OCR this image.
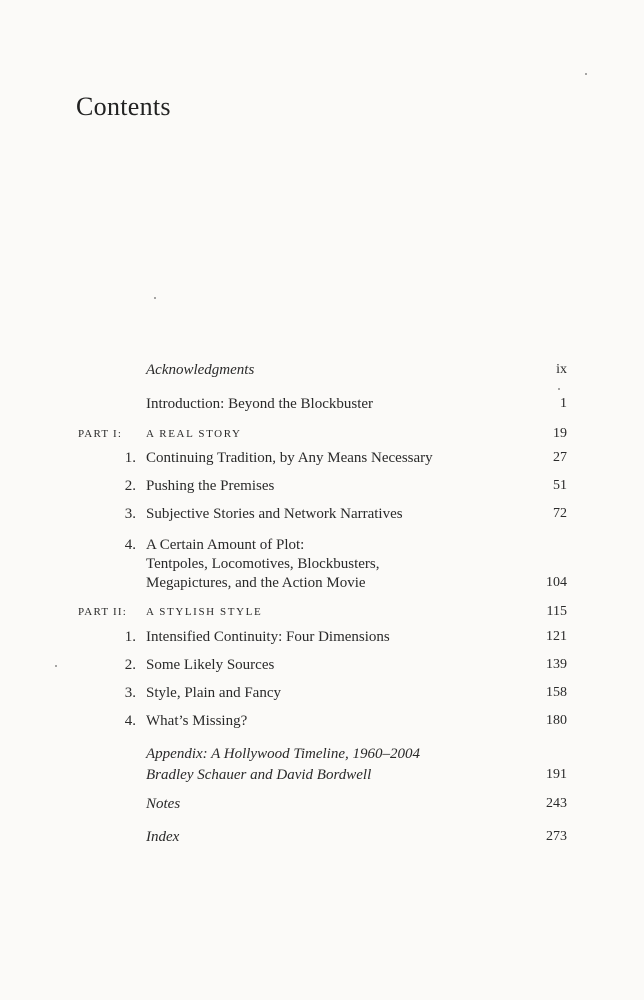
Contents
Acknowledgments	ix
Introduction: Beyond the Blockbuster	1
PART I: A REAL STORY	19
1. Continuing Tradition, by Any Means Necessary	27
2. Pushing the Premises	51
3. Subjective Stories and Network Narratives	72
4. A Certain Amount of Plot:
Tentpoles, Locomotives, Blockbusters,
Megapictures, and the Action Movie	104
PART II: A STYLISH STYLE	115
1. Intensified Continuity: Four Dimensions	121
2. Some Likely Sources	139
3. Style, Plain and Fancy	158
4. What’s Missing?	180
Appendix: A Hollywood Timeline, 1960–2004
Bradley Schauer and David Bordwell	191
Notes	243
Index	273
